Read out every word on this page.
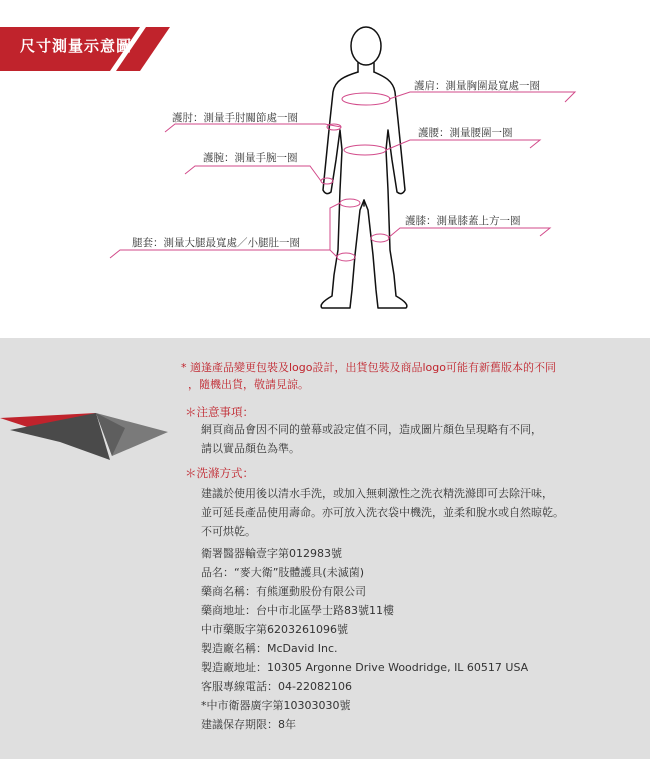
尺寸測量示意圖
護肩：測量胸圍最寬處一圈
護肘：測量手肘關節處一圈
護腰：測量腰圍一圈
護腕：測量手腕一圈
護膝：測量膝蓋上方一圈
腿套：測量大腿最寬處／小腿肚一圈
* 適逢產品變更包裝及logo設計，出貨包裝及商品logo可能有新舊版本的不同
，隨機出貨，敬請見諒。
＊注意事項：
網頁商品會因不同的螢幕或設定值不同，造成圖片顏色呈現略有不同，
請以實品顏色為準。
＊洗滌方式：
建議於使用後以清水手洗，或加入無刺激性之洗衣精洗滌即可去除汗味，
並可延長產品使用壽命。亦可放入洗衣袋中機洗，並柔和脫水或自然晾乾。
不可烘乾。
衛署醫器輸壹字第012983號
品名：“麥大衛”肢體護具(未滅菌)
藥商名稱：有熊運動股份有限公司
藥商地址：台中市北區學士路83號11樓
中市藥販字第6203261096號
製造廠名稱：McDavid Inc.
製造廠地址：10305 Argonne Drive Woodridge, IL 60517 USA
客服專線電話：04-22082106
*中市衛器廣字第10303030號
建議保存期限：8年
